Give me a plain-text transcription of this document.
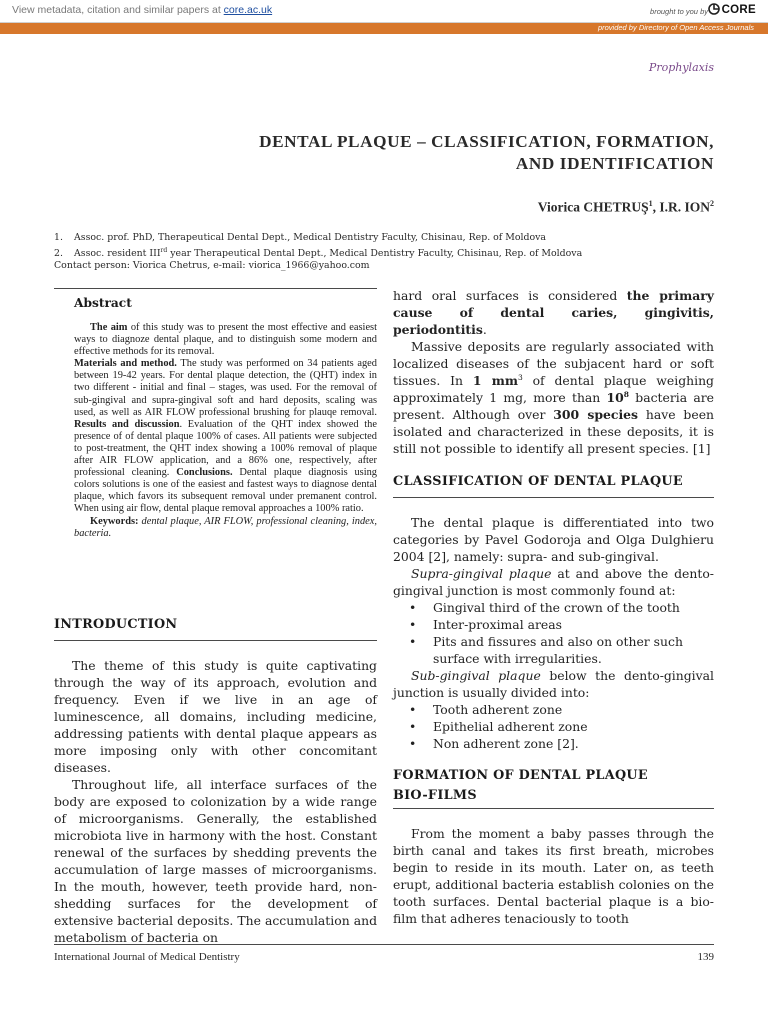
View metadata, citation and similar papers at core.ac.uk	brought to you by	CORE
provided by Directory of Open Access Journals
Prophylaxis
DENTAL PLAQUE – CLASSIFICATION, FORMATION,
AND IDENTIFICATION
Viorica CHETRUŞ$^1$, I.R. ION$^2$
1. Assoc. prof. PhD, Therapeutical Dental Dept., Medical Dentistry Faculty, Chisinau, Rep. of Moldova
2. Assoc. resident IIIrd year Therapeutical Dental Dept., Medical Dentistry Faculty, Chisinau, Rep. of Moldova
Contact person: Viorica Chetrus, e-mail: viorica_1966@yahoo.com
Abstract

The aim of this study was to present the most effective and easiest ways to diagnoze dental plaque, and to distinguish some modern and effective methods for its removal.

Materials and method. The study was performed on 34 patients aged between 19-42 years. For dental plaque detection, the (QHT) index in two different - initial and final – stages, was used. For the removal of sub-gingival and supra-gingival soft and hard deposits, scaling was used, as well as AIR FLOW professional brushing for plauqe removal. Results and discussion. Evaluation of the QHT index showed the presence of of dental plaque 100% of cases. All patients were subjected to post-treatment, the QHT index showing a 100% removal of plaque after AIR FLOW application, and a 86% one, respectively, after professional cleaning. Conclusions. Dental plaque diagnosis using colors solutions is one of the easiest and fastest ways to diagnose dental plaque, which favors its subsequent removal under premanent control. When using air flow, dental plaque removal approaches a 100% ratio.

Keywords: dental plaque, AIR FLOW, professional cleaning, index, bacteria.

INTRODUCTION

The theme of this study is quite captivating through the way of its approach, evolution and frequency. Even if we live in an age of luminescence, all domains, including medicine, addressing patients with dental plaque appears as more imposing only with other concomitant diseases.

Throughout life, all interface surfaces of the body are exposed to colonization by a wide range of microorganisms. Generally, the established microbiota live in harmony with the host. Constant renewal of the surfaces by shedding prevents the accumulation of large masses of microorganisms. In the mouth, however, teeth provide hard, non-shedding surfaces for the development of extensive bacterial deposits. The accumulation and metabolism of bacteria on

hard oral surfaces is considered the primary cause of dental caries, gingivitis, periodontitis.

Massive deposits are regularly associated with localized diseases of the subjacent hard or soft tissues. In 1 $mm^3$ of dental plaque weighing approximately 1 mg, more than $10^8$ bacteria are present. Although over 300 species have been isolated and characterized in these deposits, it is still not possible to identify all present species. [1]

CLASSIFICATION OF DENTAL PLAQUE

The dental plaque is differentiated into two categories by Pavel Godoroja and Olga Dulghieru 2004 [2], namely: supra- and sub-gingival.

Supra-gingival plaque at and above the dento-gingival junction is most commonly found at:

• Gingival third of the crown of the tooth
• Inter-proximal areas
• Pits and fissures and also on other such surface with irregularities.

Sub-gingival plaque below the dento-gingival junction is usually divided into:

• Tooth adherent zone
• Epithelial adherent zone
• Non adherent zone [2].
FORMATION OF DENTAL PLAQUE
BIO-FILMS

From the moment a baby passes through the birth canal and takes its first breath, microbes begin to reside in its mouth. Later on, as teeth erupt, additional bacteria establish colonies on the tooth surfaces. Dental bacterial plaque is a bio-film that adheres tenaciously to tooth

International Journal of Medical Dentistry	139
